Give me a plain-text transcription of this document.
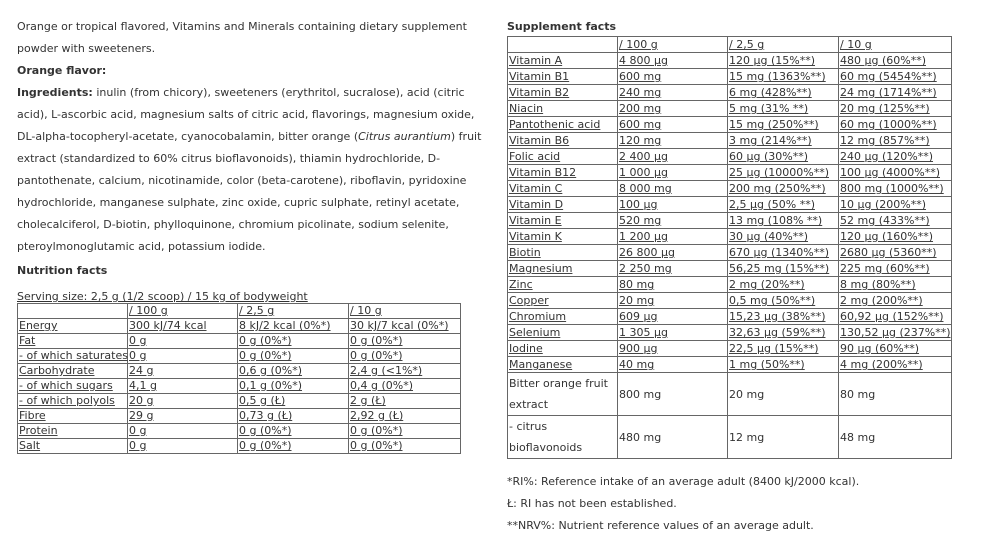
Orange or tropical flavored, Vitamins and Minerals containing dietary supplement powder with sweeteners.

Orange flavor:

Ingredients: inulin (from chicory), sweeteners (erythritol, sucralose), acid (citric acid), L-ascorbic acid, magnesium salts of citric acid, flavorings, magnesium oxide, DL-alpha-tocopheryl-acetate, cyanocobalamin, bitter orange (Citrus aurantium) fruit extract (standardized to 60% citrus bioflavonoids), thiamin hydrochloride, D-pantothenate, calcium, nicotinamide, color (beta-carotene), riboflavin, pyridoxine hydrochloride, manganese sulphate, zinc oxide, cupric sulphate, retinyl acetate, cholecalciferol, D-biotin, phylloquinone, chromium picolinate, sodium selenite, pteroylmonoglutamic acid, potassium iodide.

Nutrition facts

Serving size: 2,5 g (1/2 scoop) / 15 kg of bodyweight
	/ 100 g	/ 2,5 g	/ 10 g
Energy	300 kJ/74 kcal	8 kJ/2 kcal (0%*)	30 kJ/7 kcal (0%*)
Fat	0 g	0 g (0%*)	0 g (0%*)
- of which saturates	0 g	0 g (0%*)	0 g (0%*)
Carbohydrate	24 g	0,6 g (0%*)	2,4 g (<1%*)
- of which sugars	4,1 g	0,1 g (0%*)	0,4 g (0%*)
- of which polyols	20 g	0,5 g (Ł)	2 g (Ł)
Fibre	29 g	0,73 g (Ł)	2,92 g (Ł)
Protein	0 g	0 g (0%*)	0 g (0%*)
Salt	0 g	0 g (0%*)	0 g (0%*)

Supplement facts

	/ 100 g	/ 2,5 g	/ 10 g
Vitamin A	4 800 µg	120 µg (15%**)	480 µg (60%**)
Vitamin B1	600 mg	15 mg (1363%**)	60 mg (5454%**)
Vitamin B2	240 mg	6 mg (428%**)	24 mg (1714%**)
Niacin	200 mg	5 mg (31% **)	20 mg (125%**)
Pantothenic acid	600 mg	15 mg (250%**)	60 mg (1000%**)
Vitamin B6	120 mg	3 mg (214%**)	12 mg (857%**)
Folic acid	2 400 µg	60 µg (30%**)	240 µg (120%**)
Vitamin B12	1 000 µg	25 µg (10000%**)	100 µg (4000%**)
Vitamin C	8 000 mg	200 mg (250%**)	800 mg (1000%**)
Vitamin D	100 µg	2,5 µg (50% **)	10 µg (200%**)
Vitamin E	520 mg	13 mg (108% **)	52 mg (433%**)
Vitamin K	1 200 µg	30 µg (40%**)	120 µg (160%**)
Biotin	26 800 µg	670 µg (1340%**)	2680 µg (5360**)
Magnesium	2 250 mg	56,25 mg (15%**)	225 mg (60%**)
Zinc	80 mg	2 mg (20%**)	8 mg (80%**)
Copper	20 mg	0,5 mg (50%**)	2 mg (200%**)
Chromium	609 µg	15,23 µg (38%**)	60,92 µg (152%**)
Selenium	1 305 µg	32,63 µg (59%**)	130,52 µg (237%**)
Iodine	900 µg	22,5 µg (15%**)	90 µg (60%**)
Manganese	40 mg	1 mg (50%**)	4 mg (200%**)
Bitter orange fruit extract	800 mg	20 mg	80 mg
- citrus bioflavonoids	480 mg	12 mg	48 mg

*RI%: Reference intake of an average adult (8400 kJ/2000 kcal).

Ł: RI has not been established.

**NRV%: Nutrient reference values of an average adult.
